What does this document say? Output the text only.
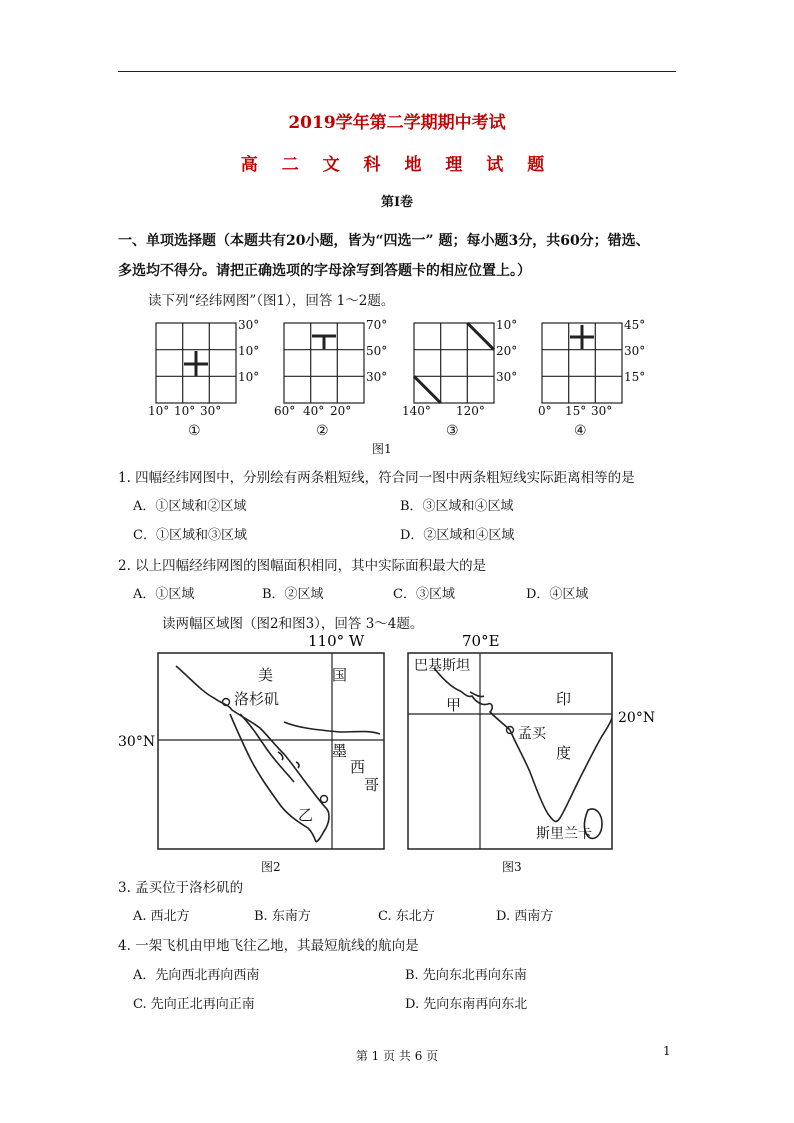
2019学年第二学期期中考试
高 二 文 科 地 理 试 题
第Ⅰ卷
一、单项选择题（本题共有20小题，皆为“四选一” 题；每小题3分，共60分；错选、
多选均不得分。请把正确选项的字母涂写到答题卡的相应位置上。）
读下列“经纬网图”（图1），回答 1～2题。
30°
10°
10°
10° 10° 30°
①
70°
50°
30°
60° 40° 20°
②
10°
20°
30°
140° 120°
③
45°
30°
15°
0° 15° 30°
④
图1
1. 四幅经纬网图中，分别绘有两条粗短线，符合同一图中两条粗短线实际距离相等的是
A．①区域和②区域	B．③区域和④区域
C．①区域和③区域	D．②区域和④区域
2. 以上四幅经纬网图的图幅面积相同，其中实际面积最大的是
A．①区域	B．②区域	C．③区域	D．④区域
读两幅区域图（图2和图3），回答 3～4题。
110° W
30°N
美	国
洛杉矶
墨
西
哥
乙
70°E
20°N
巴基斯坦
甲	印
度
孟买
斯里兰卡
图2	图3
3. 孟买位于洛杉矶的
A. 西北方	B. 东南方	C. 东北方	D. 西南方
4. 一架飞机由甲地飞往乙地，其最短航线的航向是
A．先向西北再向西南	B. 先向东北再向东南
C. 先向正北再向正南	D. 先向东南再向东北
第 1 页 共 6 页	1
